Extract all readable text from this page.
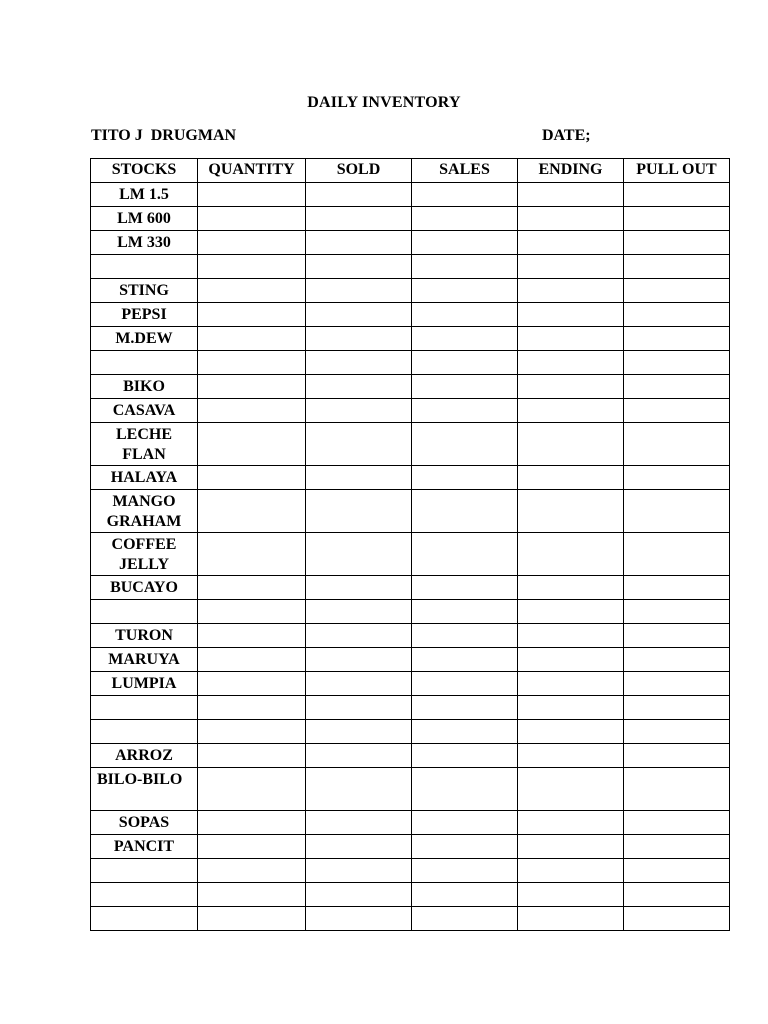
DAILY INVENTORY
TITO J  DRUGMAN	DATE;
STOCKS	QUANTITY	SOLD	SALES	ENDING	PULL OUT
LM 1.5					
LM 600					
LM 330					

STING					
PEPSI					
M.DEW					

BIKO					
CASAVA					
LECHE FLAN					
HALAYA					
MANGO GRAHAM					
COFFEE JELLY					
BUCAYO					

TURON					
MARUYA					
LUMPIA					

ARROZ					
BILO-BILO					
SOPAS					
PANCIT					
